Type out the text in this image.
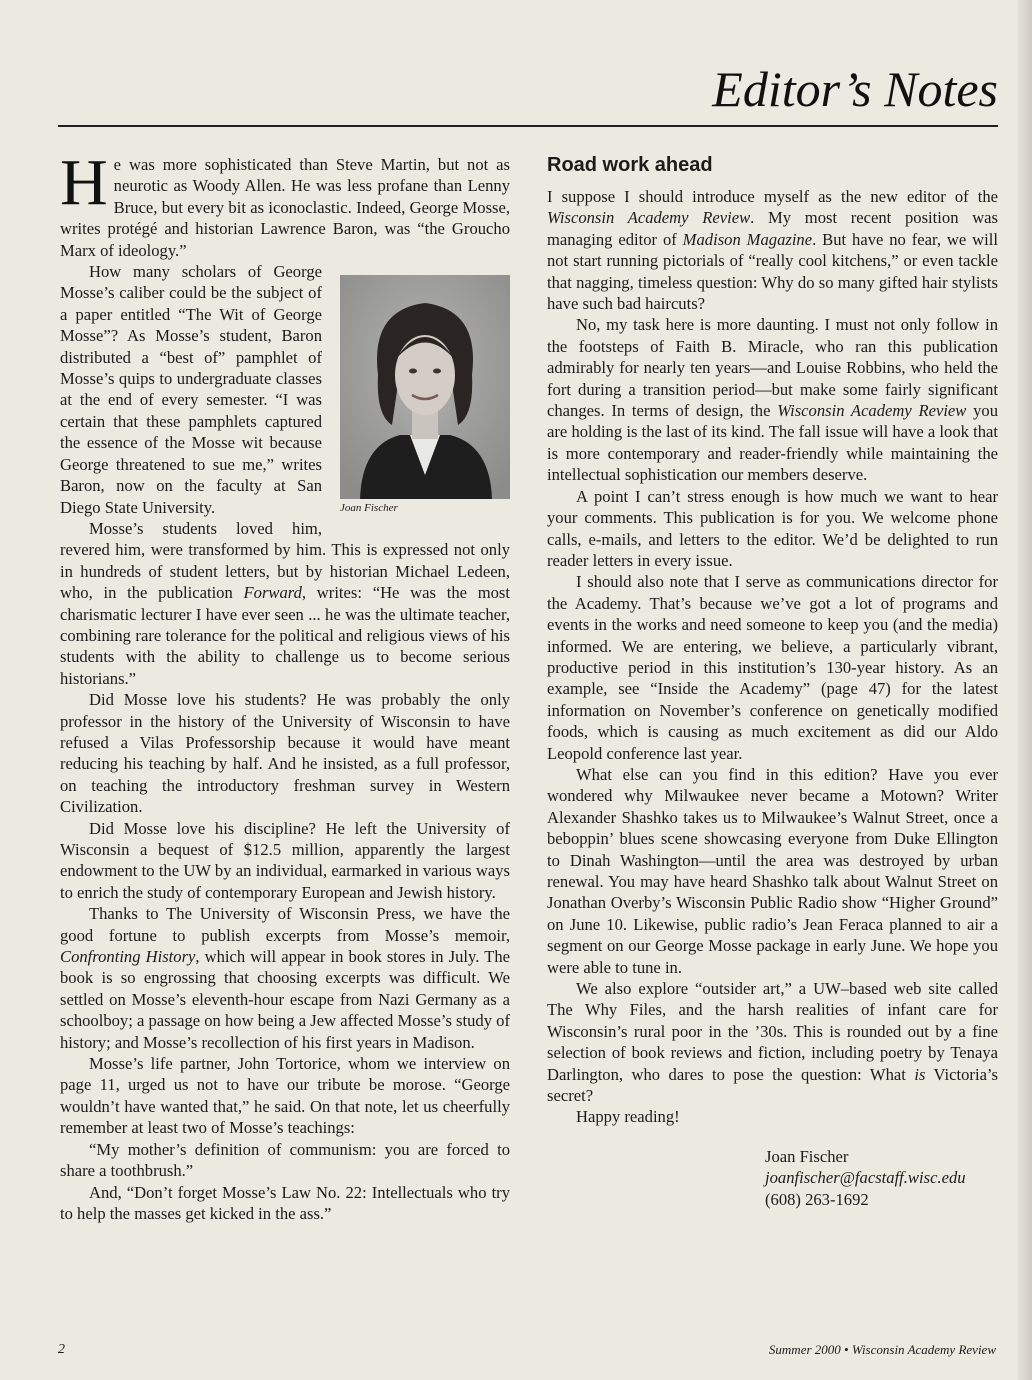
Editor’s Notes

He was more sophisticated than Steve Martin, but not as neurotic as Woody Allen. He was less profane than Lenny Bruce, but every bit as iconoclastic. Indeed, George Mosse, writes protégé and historian Lawrence Baron, was “the Groucho Marx of ideology.”

Joan Fischer
How many scholars of George Mosse’s caliber could be the subject of a paper entitled “The Wit of George Mosse”? As Mosse’s student, Baron distributed a “best of” pamphlet of Mosse’s quips to undergraduate classes at the end of every semester. “I was certain that these pamphlets captured the essence of the Mosse wit because George threatened to sue me,” writes Baron, now on the faculty at San Diego State University.

Mosse’s students loved him, revered him, were transformed by him. This is expressed not only in hundreds of student letters, but by historian Michael Ledeen, who, in the publication Forward, writes: “He was the most charismatic lecturer I have ever seen ... he was the ultimate teacher, combining rare tolerance for the political and religious views of his students with the ability to challenge us to become serious historians.”

Did Mosse love his students? He was probably the only professor in the history of the University of Wisconsin to have refused a Vilas Professorship because it would have meant reducing his teaching by half. And he insisted, as a full professor, on teaching the introductory freshman survey in Western Civilization.

Did Mosse love his discipline? He left the University of Wisconsin a bequest of $12.5 million, apparently the largest endowment to the UW by an individual, earmarked in various ways to enrich the study of contemporary European and Jewish history.

Thanks to The University of Wisconsin Press, we have the good fortune to publish excerpts from Mosse’s memoir, Confronting History, which will appear in book stores in July. The book is so engrossing that choosing excerpts was difficult. We settled on Mosse’s eleventh-hour escape from Nazi Germany as a schoolboy; a passage on how being a Jew affected Mosse’s study of history; and Mosse’s recollection of his first years in Madison.

Mosse’s life partner, John Tortorice, whom we interview on page 11, urged us not to have our tribute be morose. “George wouldn’t have wanted that,” he said. On that note, let us cheerfully remember at least two of Mosse’s teachings:

“My mother’s definition of communism: you are forced to share a toothbrush.”

And, “Don’t forget Mosse’s Law No. 22: Intellectuals who try to help the masses get kicked in the ass.”

Road work ahead

I suppose I should introduce myself as the new editor of the Wisconsin Academy Review. My most recent position was managing editor of Madison Magazine. But have no fear, we will not start running pictorials of “really cool kitchens,” or even tackle that nagging, timeless question: Why do so many gifted hair stylists have such bad haircuts?

No, my task here is more daunting. I must not only follow in the footsteps of Faith B. Miracle, who ran this publication admirably for nearly ten years—and Louise Robbins, who held the fort during a transition period—but make some fairly significant changes. In terms of design, the Wisconsin Academy Review you are holding is the last of its kind. The fall issue will have a look that is more contemporary and reader-friendly while maintaining the intellectual sophistication our members deserve.

A point I can’t stress enough is how much we want to hear your comments. This publication is for you. We welcome phone calls, e-mails, and letters to the editor. We’d be delighted to run reader letters in every issue.

I should also note that I serve as communications director for the Academy. That’s because we’ve got a lot of programs and events in the works and need someone to keep you (and the media) informed. We are entering, we believe, a particularly vibrant, productive period in this institution’s 130-year history. As an example, see “Inside the Academy” (page 47) for the latest information on November’s conference on genetically modified foods, which is causing as much excitement as did our Aldo Leopold conference last year.

What else can you find in this edition? Have you ever wondered why Milwaukee never became a Motown? Writer Alexander Shashko takes us to Milwaukee’s Walnut Street, once a beboppin’ blues scene showcasing everyone from Duke Ellington to Dinah Washington—until the area was destroyed by urban renewal. You may have heard Shashko talk about Walnut Street on Jonathan Overby’s Wisconsin Public Radio show “Higher Ground” on June 10. Likewise, public radio’s Jean Feraca planned to air a segment on our George Mosse package in early June. We hope you were able to tune in.

We also explore “outsider art,” a UW–based web site called The Why Files, and the harsh realities of infant care for Wisconsin’s rural poor in the ’30s. This is rounded out by a fine selection of book reviews and fiction, including poetry by Tenaya Darlington, who dares to pose the question: What is Victoria’s secret?

Happy reading!

Joan Fischer
joanfischer@facstaff.wisc.edu
(608) 263-1692
2	Summer 2000 • Wisconsin Academy Review
